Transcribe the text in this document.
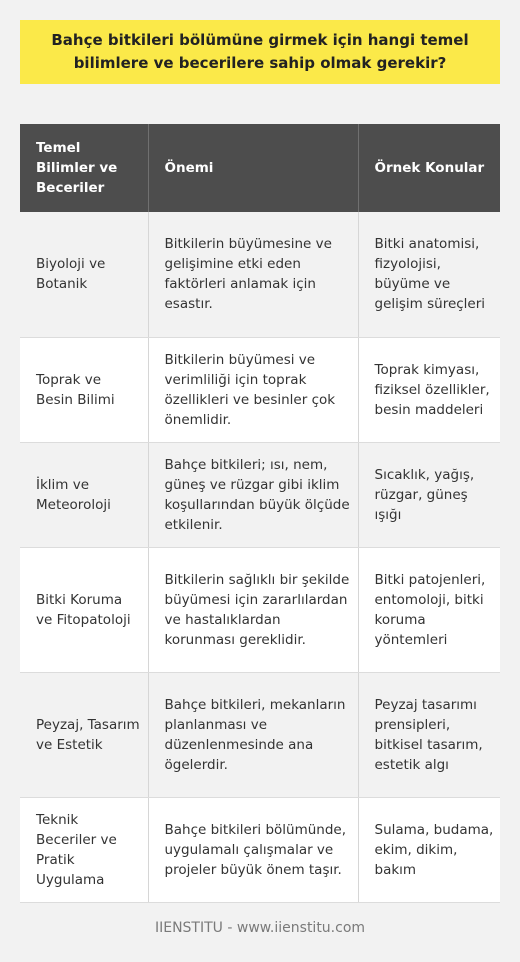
Bahçe bitkileri bölümüne girmek için hangi temel bilimlere ve becerilere sahip olmak gerekir?
Temel Bilimler ve Beceriler	Önemi	Örnek Konular
Biyoloji ve Botanik	Bitkilerin büyümesine ve gelişimine etki eden faktörleri anlamak için esastır.	Bitki anatomisi, fizyolojisi, büyüme ve gelişim süreçleri
Toprak ve Besin Bilimi	Bitkilerin büyümesi ve verimliliği için toprak özellikleri ve besinler çok önemlidir.	Toprak kimyası, fiziksel özellikler, besin maddeleri
İklim ve Meteoroloji	Bahçe bitkileri; ısı, nem, güneş ve rüzgar gibi iklim koşullarından büyük ölçüde etkilenir.	Sıcaklık, yağış, rüzgar, güneş ışığı
Bitki Koruma ve Fitopatoloji	Bitkilerin sağlıklı bir şekilde büyümesi için zararlılardan ve hastalıklardan korunması gereklidir.	Bitki patojenleri, entomoloji, bitki koruma yöntemleri
Peyzaj, Tasarım ve Estetik	Bahçe bitkileri, mekanların planlanması ve düzenlenmesinde ana ögelerdir.	Peyzaj tasarımı prensipleri, bitkisel tasarım, estetik algı
Teknik Beceriler ve Pratik Uygulama	Bahçe bitkileri bölümünde, uygulamalı çalışmalar ve projeler büyük önem taşır.	Sulama, budama, ekim, dikim, bakım
IIENSTITU - www.iienstitu.com
